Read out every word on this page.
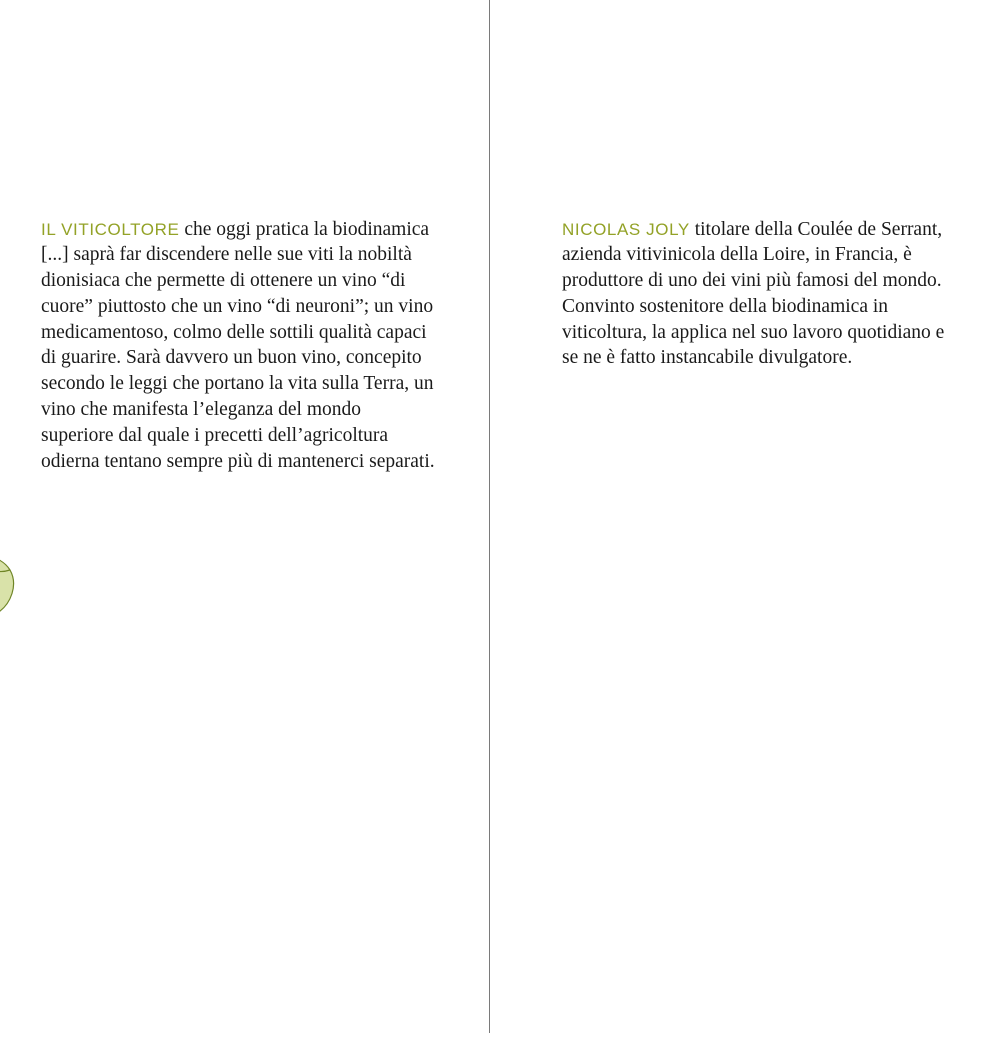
IL VITICOLTORE che oggi pratica la biodinamica [...] saprà far discendere nelle sue viti la nobiltà dionisiaca che permette di ottenere un vino “di cuore” piuttosto che un vino “di neuroni”; un vino medicamentoso, colmo delle sottili qualità capaci di guarire. Sarà davvero un buon vino, concepito secondo le leggi che portano la vita sulla Terra, un vino che manifesta l’eleganza del mondo superiore dal quale i precetti dell’agricoltura odierna tentano sempre più di mantenerci separati.

NICOLAS JOLY titolare della Coulée de Serrant, azienda vitivinicola della Loire, in Francia, è produttore di uno dei vini più famosi del mondo. Convinto sostenitore della biodinamica in viticoltura, la applica nel suo lavoro quotidiano e se ne è fatto instancabile divulgatore.
